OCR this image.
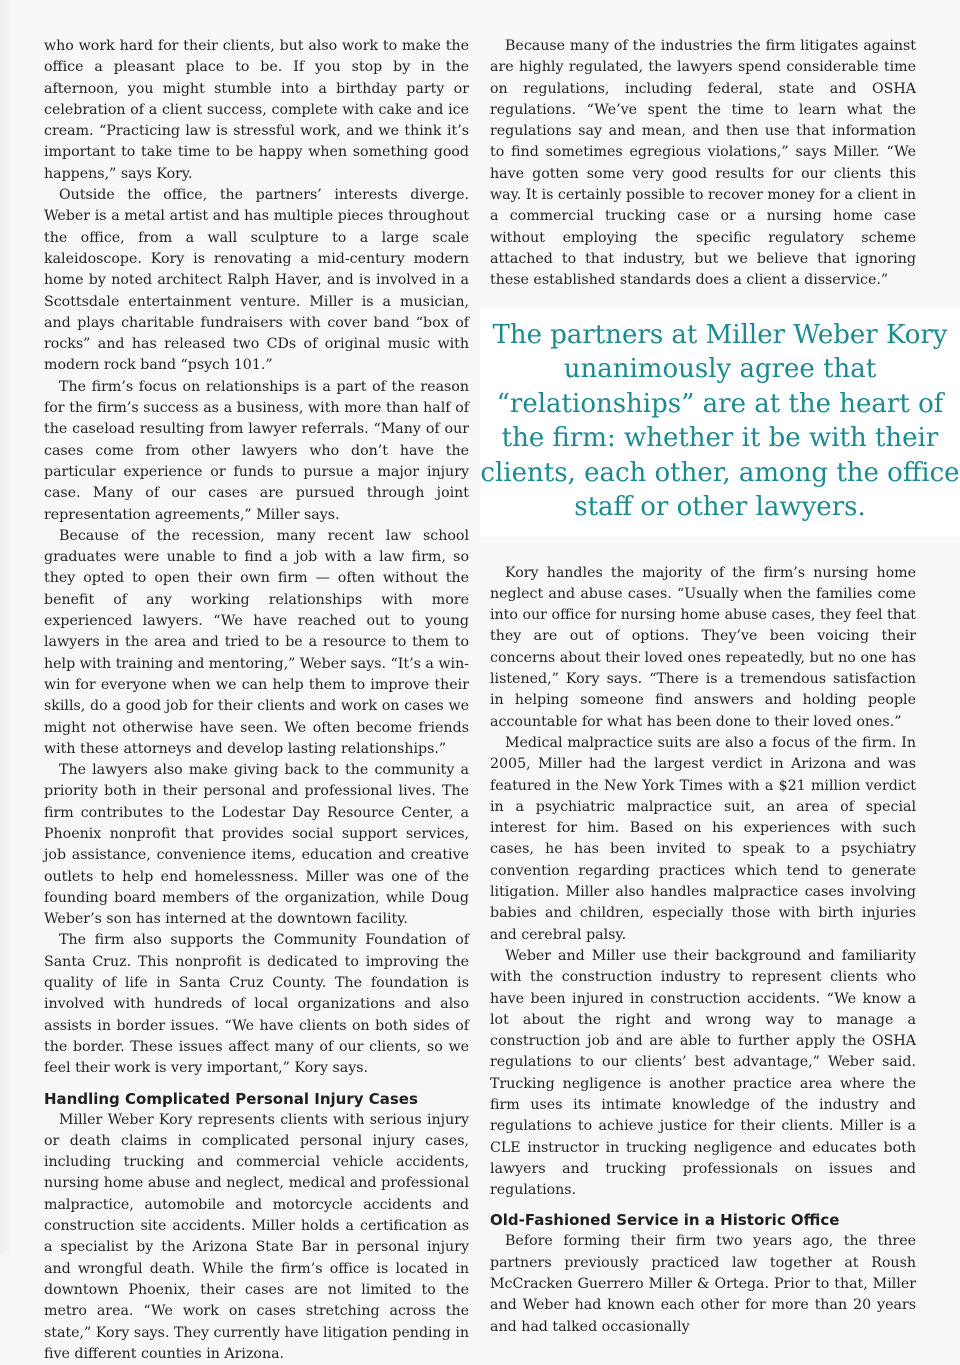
who work hard for their clients, but also work to make the office a pleasant place to be. If you stop by in the afternoon, you might stumble into a birthday party or celebration of a client success, complete with cake and ice cream. “Practicing law is stressful work, and we think it’s important to take time to be happy when something good happens,” says Kory.

Outside the office, the partners’ interests diverge. Weber is a metal artist and has multiple pieces throughout the office, from a wall sculpture to a large scale kaleidoscope. Kory is renovating a mid-century modern home by noted architect Ralph Haver, and is involved in a Scottsdale entertainment venture. Miller is a musician, and plays charitable fundraisers with cover band “box of rocks” and has released two CDs of original music with modern rock band “psych 101.”

The firm’s focus on relationships is a part of the reason for the firm’s success as a business, with more than half of the caseload resulting from lawyer referrals. “Many of our cases come from other lawyers who don’t have the particular experience or funds to pursue a major injury case. Many of our cases are pursued through joint representation agreements,” Miller says.

Because of the recession, many recent law school graduates were unable to find a job with a law firm, so they opted to open their own firm — often without the benefit of any working relationships with more experienced lawyers. “We have reached out to young lawyers in the area and tried to be a resource to them to help with training and mentoring,” Weber says. “It’s a win-win for everyone when we can help them to improve their skills, do a good job for their clients and work on cases we might not otherwise have seen. We often become friends with these attorneys and develop lasting relationships.”

The lawyers also make giving back to the community a priority both in their personal and professional lives. The firm contributes to the Lodestar Day Resource Center, a Phoenix nonprofit that provides social support services, job assistance, convenience items, education and creative outlets to help end homelessness. Miller was one of the founding board members of the organization, while Doug Weber’s son has interned at the downtown facility.

The firm also supports the Community Foundation of Santa Cruz. This nonprofit is dedicated to improving the quality of life in Santa Cruz County. The foundation is involved with hundreds of local organizations and also assists in border issues. “We have clients on both sides of the border. These issues affect many of our clients, so we feel their work is very important,” Kory says.

Handling Complicated Personal Injury Cases

Miller Weber Kory represents clients with serious injury or death claims in complicated personal injury cases, including trucking and commercial vehicle accidents, nursing home abuse and neglect, medical and professional malpractice, automobile and motorcycle accidents and construction site accidents. Miller holds a certification as a specialist by the Arizona State Bar in personal injury and wrongful death. While the firm’s office is located in downtown Phoenix, their cases are not limited to the metro area. “We work on cases stretching across the state,” Kory says. They currently have litigation pending in five different counties in Arizona.

Because many of the industries the firm litigates against are highly regulated, the lawyers spend considerable time on regulations, including federal, state and OSHA regulations. “We’ve spent the time to learn what the regulations say and mean, and then use that information to find sometimes egregious violations,” says Miller. “We have gotten some very good results for our clients this way. It is certainly possible to recover money for a client in a commercial trucking case or a nursing home case without employing the specific regulatory scheme attached to that industry, but we believe that ignoring these established standards does a client a disservice.”

The partners at Miller Weber Kory unanimously agree that “relationships” are at the heart of the firm: whether it be with their clients, each other, among the office staff or other lawyers.

Kory handles the majority of the firm’s nursing home neglect and abuse cases. “Usually when the families come into our office for nursing home abuse cases, they feel that they are out of options. They’ve been voicing their concerns about their loved ones repeatedly, but no one has listened,” Kory says. “There is a tremendous satisfaction in helping someone find answers and holding people accountable for what has been done to their loved ones.”

Medical malpractice suits are also a focus of the firm. In 2005, Miller had the largest verdict in Arizona and was featured in the New York Times with a $21 million verdict in a psychiatric malpractice suit, an area of special interest for him. Based on his experiences with such cases, he has been invited to speak to a psychiatry convention regarding practices which tend to generate litigation. Miller also handles malpractice cases involving babies and children, especially those with birth injuries and cerebral palsy.

Weber and Miller use their background and familiarity with the construction industry to represent clients who have been injured in construction accidents. “We know a lot about the right and wrong way to manage a construction job and are able to further apply the OSHA regulations to our clients’ best advantage,” Weber said. Trucking negligence is another practice area where the firm uses its intimate knowledge of the industry and regulations to achieve justice for their clients. Miller is a CLE instructor in trucking negligence and educates both lawyers and trucking professionals on issues and regulations.

Old-Fashioned Service in a Historic Office

Before forming their firm two years ago, the three partners previously practiced law together at Roush McCracken Guerrero Miller & Ortega. Prior to that, Miller and Weber had known each other for more than 20 years and had talked occasionally
